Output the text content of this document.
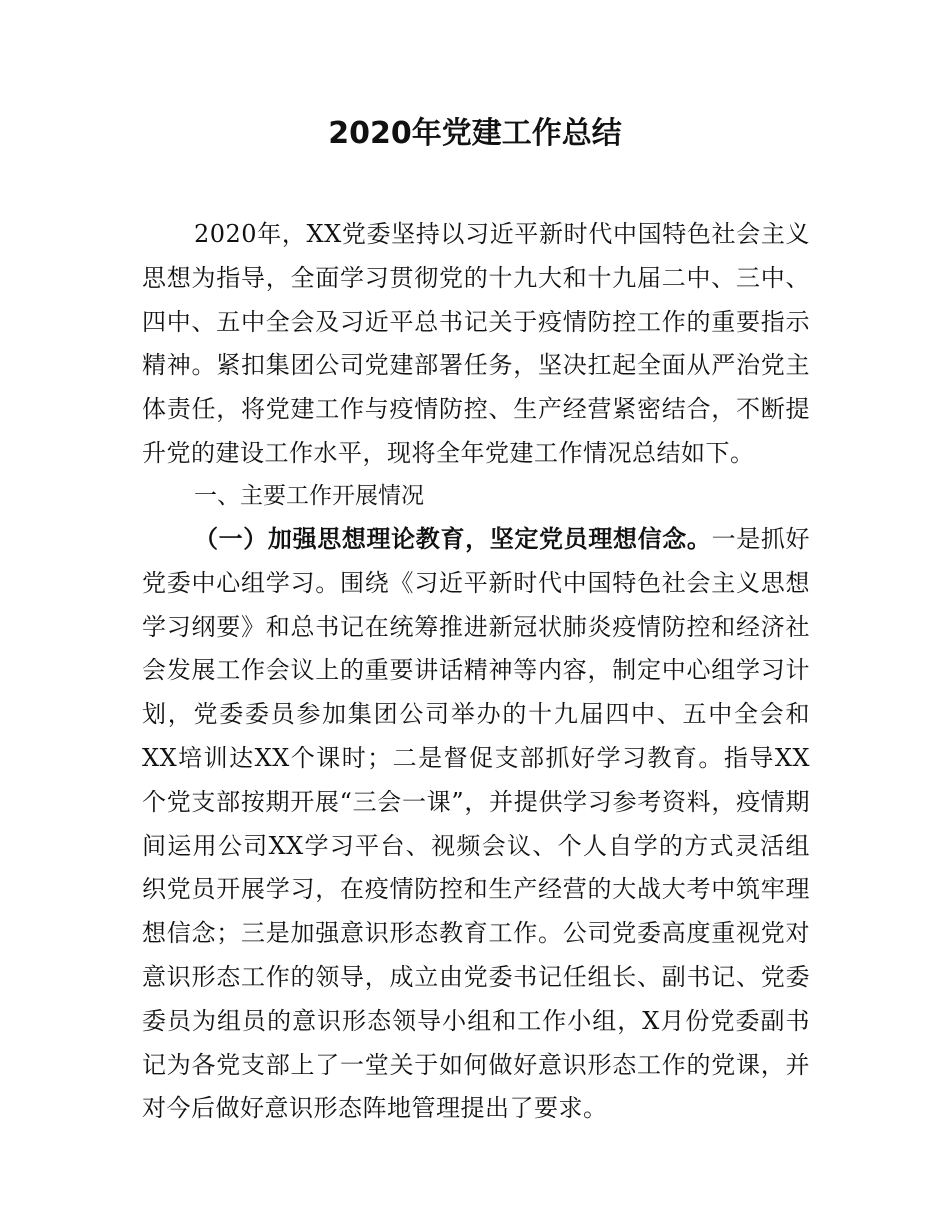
2020年党建工作总结

2020年，XX党委坚持以习近平新时代中国特色社会主义思想为指导，全面学习贯彻党的十九大和十九届二中、三中、四中、五中全会及习近平总书记关于疫情防控工作的重要指示精神。紧扣集团公司党建部署任务，坚决扛起全面从严治党主体责任，将党建工作与疫情防控、生产经营紧密结合，不断提升党的建设工作水平，现将全年党建工作情况总结如下。

一、主要工作开展情况

（一）加强思想理论教育，坚定党员理想信念。一是抓好党委中心组学习。围绕《习近平新时代中国特色社会主义思想学习纲要》和总书记在统筹推进新冠状肺炎疫情防控和经济社会发展工作会议上的重要讲话精神等内容，制定中心组学习计划，党委委员参加集团公司举办的十九届四中、五中全会和XX培训达XX个课时；二是督促支部抓好学习教育。指导XX个党支部按期开展“三会一课”，并提供学习参考资料，疫情期间运用公司XX学习平台、视频会议、个人自学的方式灵活组织党员开展学习，在疫情防控和生产经营的大战大考中筑牢理想信念；三是加强意识形态教育工作。公司党委高度重视党对意识形态工作的领导，成立由党委书记任组长、副书记、党委委员为组员的意识形态领导小组和工作小组，X月份党委副书记为各党支部上了一堂关于如何做好意识形态工作的党课，并对今后做好意识形态阵地管理提出了要求。
